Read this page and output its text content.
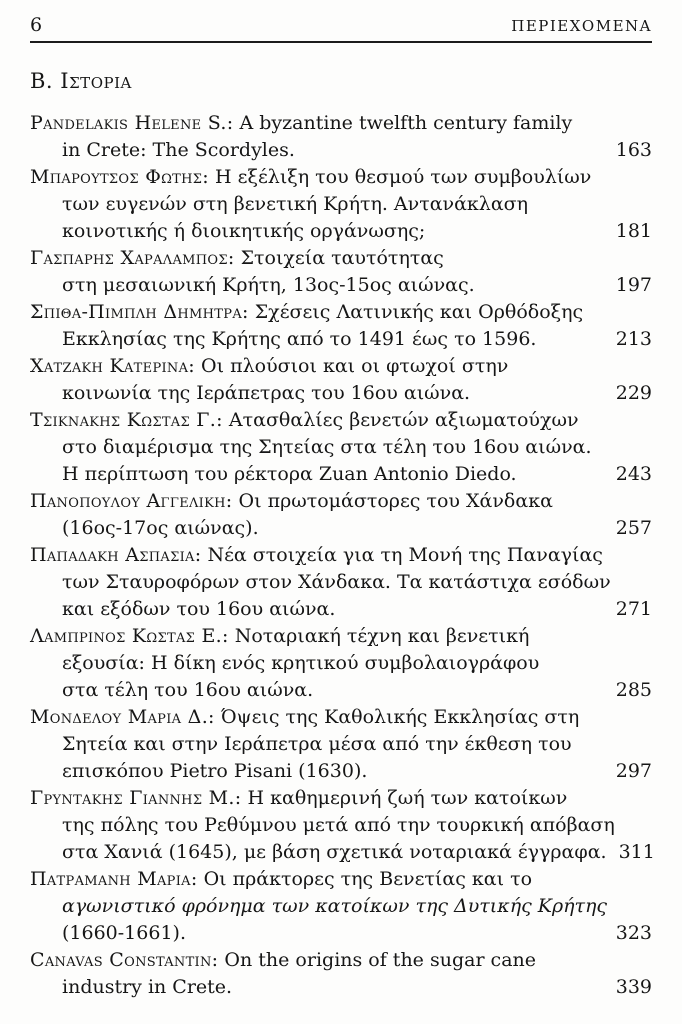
6	ΠΕΡΙΕΧΟΜΕΝΑ
Β. Ιστορια
Pandelakis Helene S.:
A byzantine twelfth century family
in Crete: The Scordyles.	163
Μπαρουτσος Φωτης:
Η εξέλιξη του θεσμού των συμβουλίων
των ευγενών στη βενετική Κρήτη. Αντανάκλαση
κοινοτικής ή διοικητικής οργάνωσης;	181
Γασπαρης Χαραλαμπος:
Στοιχεία ταυτότητας
στη μεσαιωνική Κρήτη, 13ος-15ος αιώνας.	197
Σπιθα-Πιμπλη Δημητρα:
Σχέσεις Λατινικής και Ορθόδοξης
Εκκλησίας της Κρήτης από το 1491 έως το 1596.	213
Χατζακη Κατερινα:
Οι πλούσιοι και οι φτωχοί στην
κοινωνία της Ιεράπετρας του 16ου αιώνα.	229
Τσικνακης Κωστας Γ.:
Ατασθαλίες βενετών αξιωματούχων
στο διαμέρισμα της Σητείας στα τέλη του 16ου αιώνα.
Η περίπτωση του ρέκτορα Zuan Antonio Diedo.	243
Πανοπουλου Αγγελικη:
Οι πρωτομάστορες του Χάνδακα
(16ος-17ος αιώνας).	257
Παπαδακη Ασπασια:
Νέα στοιχεία για τη Μονή της Παναγίας
των Σταυροφόρων στον Χάνδακα. Τα κατάστιχα εσόδων
και εξόδων του 16ου αιώνα.	271
Λαμπρινος Κωστας Ε.:
Νοταριακή τέχνη και βενετική
εξουσία: Η δίκη ενός κρητικού συμβολαιογράφου
στα τέλη του 16ου αιώνα.	285
Μονδελου Μαρια Δ.:
Όψεις της Καθολικής Εκκλησίας στη
Σητεία και στην Ιεράπετρα μέσα από την έκθεση του
επισκόπου Pietro Pisani (1630).	297
Γρυντακης Γιαννης Μ.:
Η καθημερινή ζωή των κατοίκων
της πόλης του Ρεθύμνου μετά από την τουρκική απόβαση
στα Χανιά (1645), με βάση σχετικά νοταριακά έγγραφα. 311
Πατραμανη Μαρια:
Οι πράκτορες της Βενετίας και το
αγωνιστικό φρόνημα των κατοίκων της Δυτικής Κρήτης
(1660-1661).	323
Canavas Constantin:
On the origins of the sugar cane
industry in Crete.	339
